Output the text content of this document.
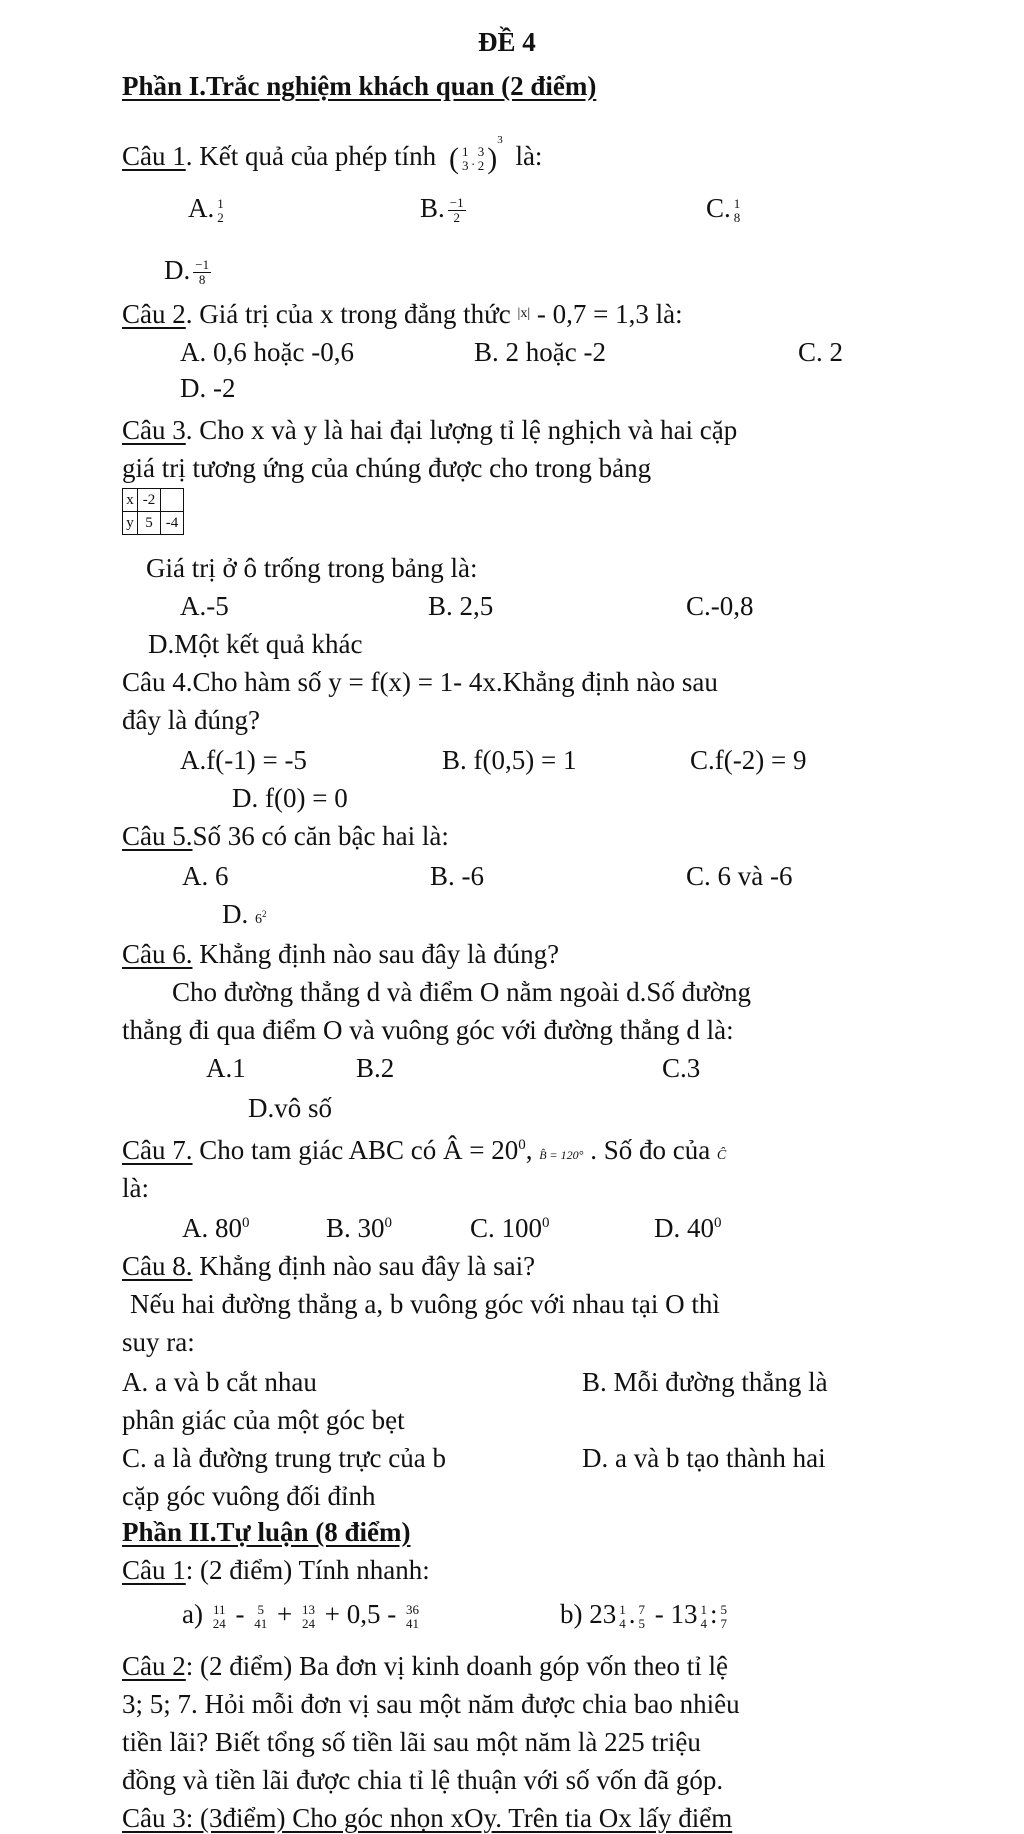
ĐỀ 4
Phần I.Trắc nghiệm khách quan (2 điểm)
Câu 1. Kết quả của phép tính ( 1
3 .
3
2 )$^3$ là:
A. 1
2	B. $\frac{-1}{2}$	C. 1
8
D. $\frac{-1}{8}$
Câu 2. Giá trị của x trong đẳng thức $^{|x|}$ - 0,7 = 1,3 là:
A. 0,6 hoặc -0,6	B. 2 hoặc -2	C. 2
D. -2
Câu 3. Cho x và y là hai đại lượng tỉ lệ nghịch và hai cặp
giá trị tương ứng của chúng được cho trong bảng
x	-2	
y	5	-4
Giá trị ở ô trống trong bảng là:
A.-5	B. 2,5	C.-0,8
D.Một kết quả khác
Câu 4.Cho hàm số y = f(x) = 1- 4x.Khẳng định nào sau
đây là đúng?
A.f(-1) = -5	B. f(0,5) = 1	C.f(-2) = 9
D. f(0) = 0
Câu 5.Số 36 có căn bậc hai là:
A. 6	B. -6	C. 6 và -6
D. $6^2$
Câu 6. Khẳng định nào sau đây là đúng?
Cho đường thẳng d và điểm O nằm ngoài d.Số đường
thẳng đi qua điểm O và vuông góc với đường thẳng d là:
A.1	B.2	C.3
D.vô số
Câu 7. Cho tam giác ABC có Â = $20^0$, B̂ = 120° . Số đo của Ĉ
là:
A. $80^0$	B. $30^0$	C. $100^0$	D. $40^0$
Câu 8. Khẳng định nào sau đây là sai?
Nếu hai đường thẳng a, b vuông góc với nhau tại O thì
suy ra:
A. a và b cắt nhau	B. Mỗi đường thẳng là
phân giác của một góc bẹt
C. a là đường trung trực của b	D. a và b tạo thành hai
cặp góc vuông đối đỉnh
Phần II.Tự luận (8 điểm)
Câu 1: (2 điểm) Tính nhanh:
a) 11
24 - 5
41 + 13
24 + 0,5 - 36
41	b) 23 1
4 . 7
5 - 13 1
4 : 5
7
Câu 2: (2 điểm) Ba đơn vị kinh doanh góp vốn theo tỉ lệ
3; 5; 7. Hỏi mỗi đơn vị sau một năm được chia bao nhiêu
tiền lãi? Biết tổng số tiền lãi sau một năm là 225 triệu
đồng và tiền lãi được chia tỉ lệ thuận với số vốn đã góp.
Câu 3: (3điểm) Cho góc nhọn xOy. Trên tia Ox lấy điểm
